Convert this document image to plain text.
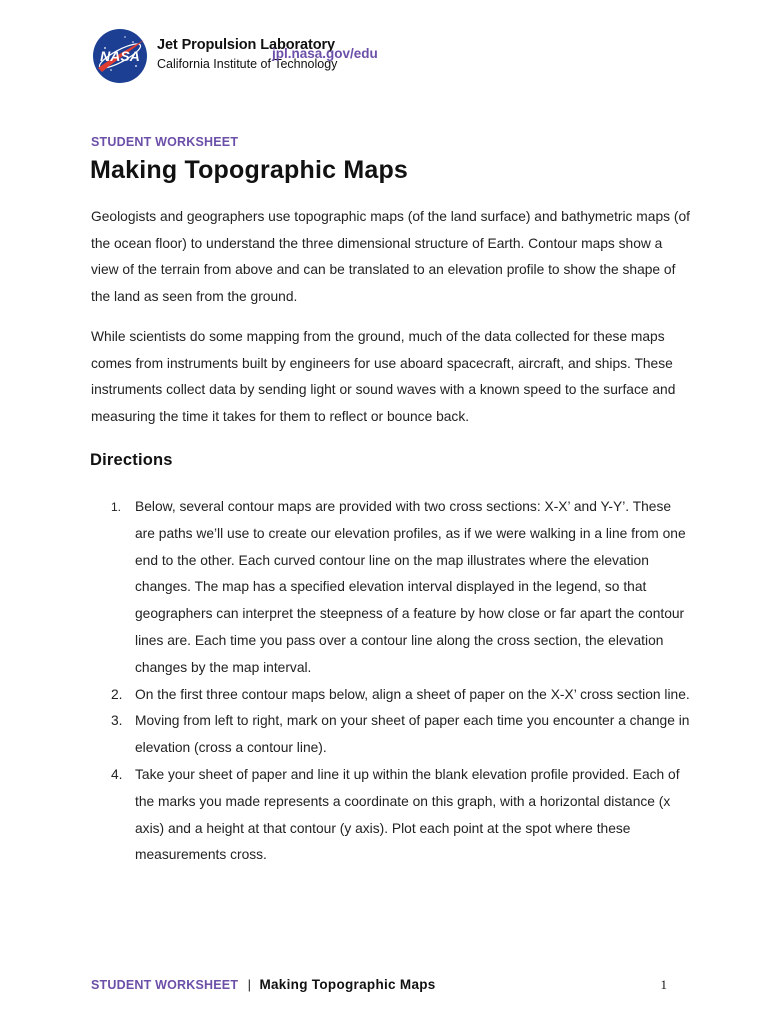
NASA
Jet Propulsion Laboratory
California Institute of Technology
jpl.nasa.gov/edu
STUDENT WORKSHEET
Making Topographic Maps

Geologists and geographers use topographic maps (of the land surface) and bathymetric maps (of the ocean floor) to understand the three dimensional structure of Earth. Contour maps show a view of the terrain from above and can be translated to an elevation profile to show the shape of the land as seen from the ground.

While scientists do some mapping from the ground, much of the data collected for these maps comes from instruments built by engineers for use aboard spacecraft, aircraft, and ships. These instruments collect data by sending light or sound waves with a known speed to the surface and measuring the time it takes for them to reflect or bounce back.

Directions
1. Below, several contour maps are provided with two cross sections: X-X’ and Y-Y’. These are paths we’ll use to create our elevation profiles, as if we were walking in a line from one end to the other. Each curved contour line on the map illustrates where the elevation changes. The map has a specified elevation interval displayed in the legend, so that geographers can interpret the steepness of a feature by how close or far apart the contour lines are. Each time you pass over a contour line along the cross section, the elevation changes by the map interval.
2. On the first three contour maps below, align a sheet of paper on the X-X’ cross section line.
3. Moving from left to right, mark on your sheet of paper each time you encounter a change in elevation (cross a contour line).
4. Take your sheet of paper and line it up within the blank elevation profile provided. Each of the marks you made represents a coordinate on this graph, with a horizontal distance (x axis) and a height at that contour (y axis). Plot each point at the spot where these measurements cross.
STUDENT WORKSHEET | Making Topographic Maps	1
